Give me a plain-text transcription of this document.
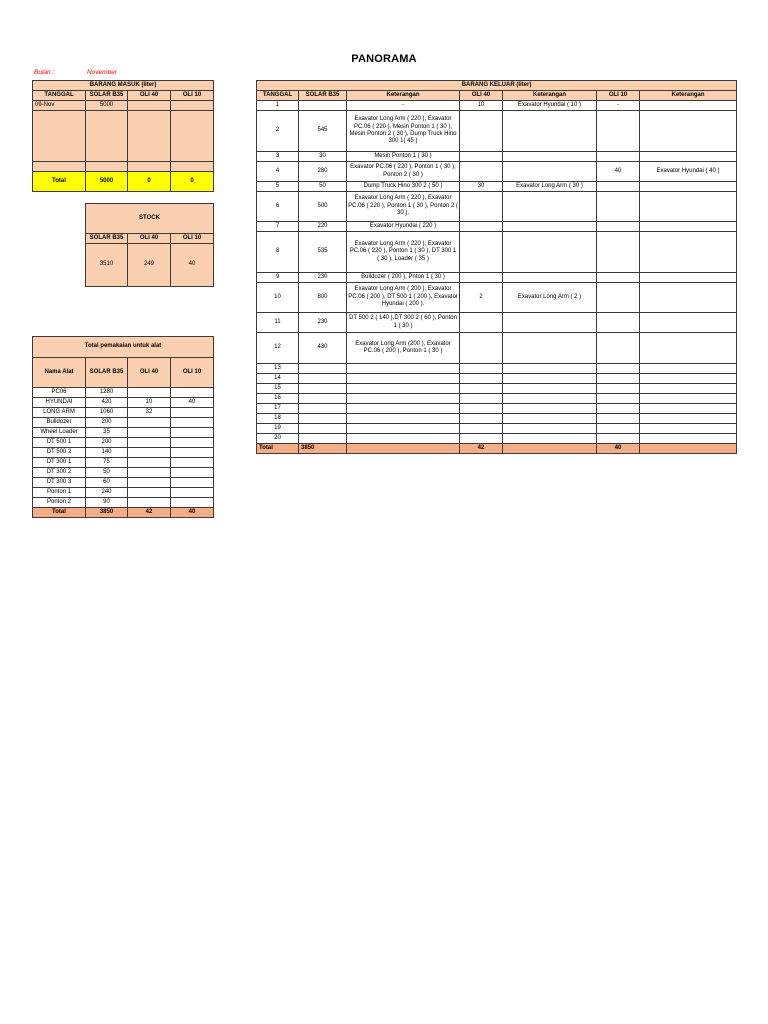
PANORAMA
Bulan :	November
BARANG MASUK (liter)			
TANGGAL	SOLAR B35	OLI 40	OLI 10
09-Nov	5000		

Total	5000	0	0
STOCK		
SOLAR B35	OLI 40	OLI 10
3510	249	40
Total pemakaian untuk alat			
Nama Alat	SOLAR B35	OLI 40	OLI 10
PC06	1280		
HYUNDAI	420	10	40
LONG ARM	1060	32	
Bulldozer	200		
Wheel Loader	35		
DT 500 1	200		
DT 500 2	140		
DT 300 1	75		
DT 300 2	50		
DT 300 3	60		
Ponton 1	240		
Ponton 2	90		
Total	3850	42	40
BARANG KELUAR (liter)						
TANGGAL	SOLAR B35	Keterangan	OLI 40	Keterangan	OLI 10	Keterangan
1		-	10	Exavator Hyundai ( 10 )	-	
2	545	Exavator Long Arm ( 220 ), Exavator PC.06 ( 220 ), Mesin Ponton 1 ( 30 ), Mesin Ponton 2 ( 30 ), Dump Truck Hino 300 1( 45 )				
3	30	Mesin Ponton 1 ( 30 )				
4	280	Exavator PC.06 ( 220 ), Ponton 1 ( 30 ), Ponton 2 ( 30 )			40	Exavator Hyundai ( 40 )
5	50	Dump Truck Hino 300 2 ( 50 )	30	Exavator Long Arm ( 30 )		
6	500	Exavator Long Arm ( 220 ), Exavator PC.06 ( 220 ), Ponton 1 ( 30 ), Ponton 2 ( 30 ).				
7	220	Exavator Hyundai ( 220 )				
8	535	Exavator Long Arm ( 220 ), Exavator PC.06 ( 220 ), Ponton 1 ( 30 ), DT 300 1 ( 30 ), Loader ( 35 )				
9	230	Bulldozer ( 200 ), Pnton 1 ( 30 )				
10	800	Exavator Long Arm ( 200 ), Exavator PC.06 ( 200 ), DT 500 1 ( 200 ), Exavator Hyundai ( 200 ).	2	Exavator Long Arm ( 2 )		
11	230	DT 500 2 ( 140 ),DT 300 2 ( 60 ), Ponton 1 ( 30 )				
12	430	Exavator Long Arm (200 ), Exavator PC.06 ( 200 ), Ponton 1 ( 30 )				
13						
14						
15						
16						
17						
18						
19						
20						
Total	3850		42		40	
